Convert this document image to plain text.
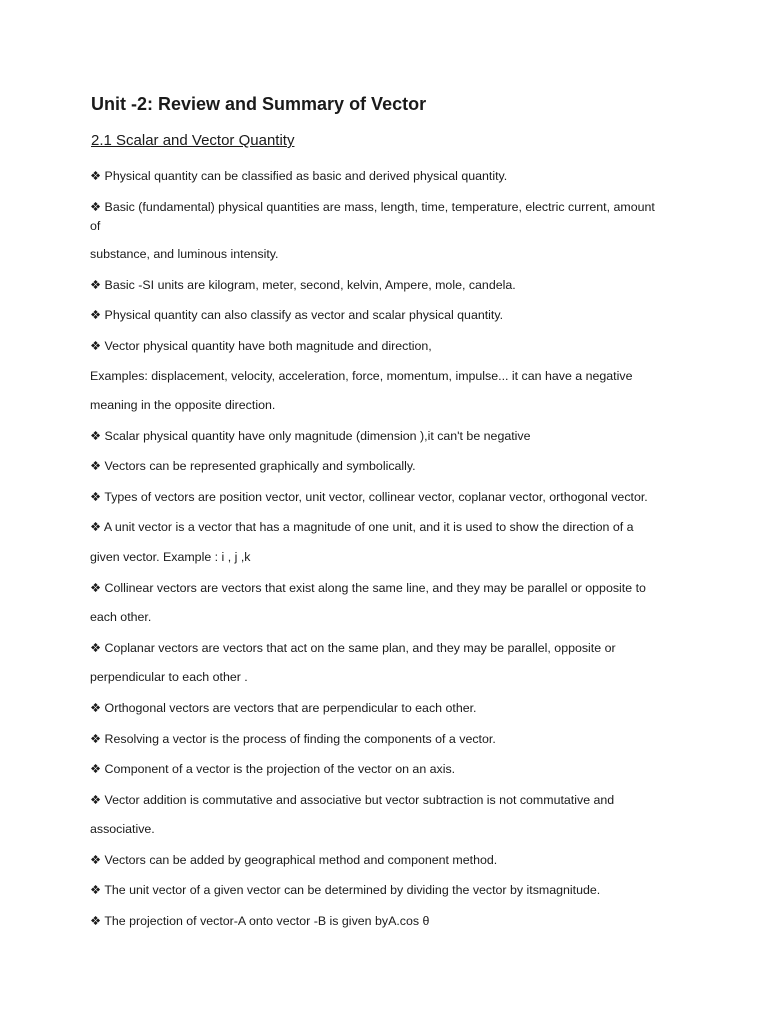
Unit -2: Review and Summary of Vector
2.1 Scalar and Vector Quantity

❖ Physical quantity can be classified as basic and derived physical quantity.

❖ Basic (fundamental) physical quantities are mass, length, time, temperature, electric current, amount

of

substance, and luminous intensity.

❖ Basic -SI units are kilogram, meter, second, kelvin, Ampere, mole, candela.

❖ Physical quantity can also classify as vector and scalar physical quantity.

❖ Vector physical quantity have both magnitude and direction,

Examples: displacement, velocity, acceleration, force, momentum, impulse... it can have a negative

meaning in the opposite direction.

❖ Scalar physical quantity have only magnitude (dimension ),it can't be negative

❖ Vectors can be represented graphically and symbolically.

❖ Types of vectors are position vector, unit vector, collinear vector, coplanar vector, orthogonal vector.

❖ A unit vector is a vector that has a magnitude of one unit, and it is used to show the direction of a

given vector. Example : i , j ,k

❖ Collinear vectors are vectors that exist along the same line, and they may be parallel or opposite to

each other.

❖ Coplanar vectors are vectors that act on the same plan, and they may be parallel, opposite or

perpendicular to each other .

❖ Orthogonal vectors are vectors that are perpendicular to each other.

❖ Resolving a vector is the process of finding the components of a vector.

❖ Component of a vector is the projection of the vector on an axis.

❖ Vector addition is commutative and associative but vector subtraction is not commutative and

associative.

❖ Vectors can be added by geographical method and component method.

❖ The unit vector of a given vector can be determined by dividing the vector by itsmagnitude.

❖ The projection of vector-A onto vector -B is given byA.cos θ
